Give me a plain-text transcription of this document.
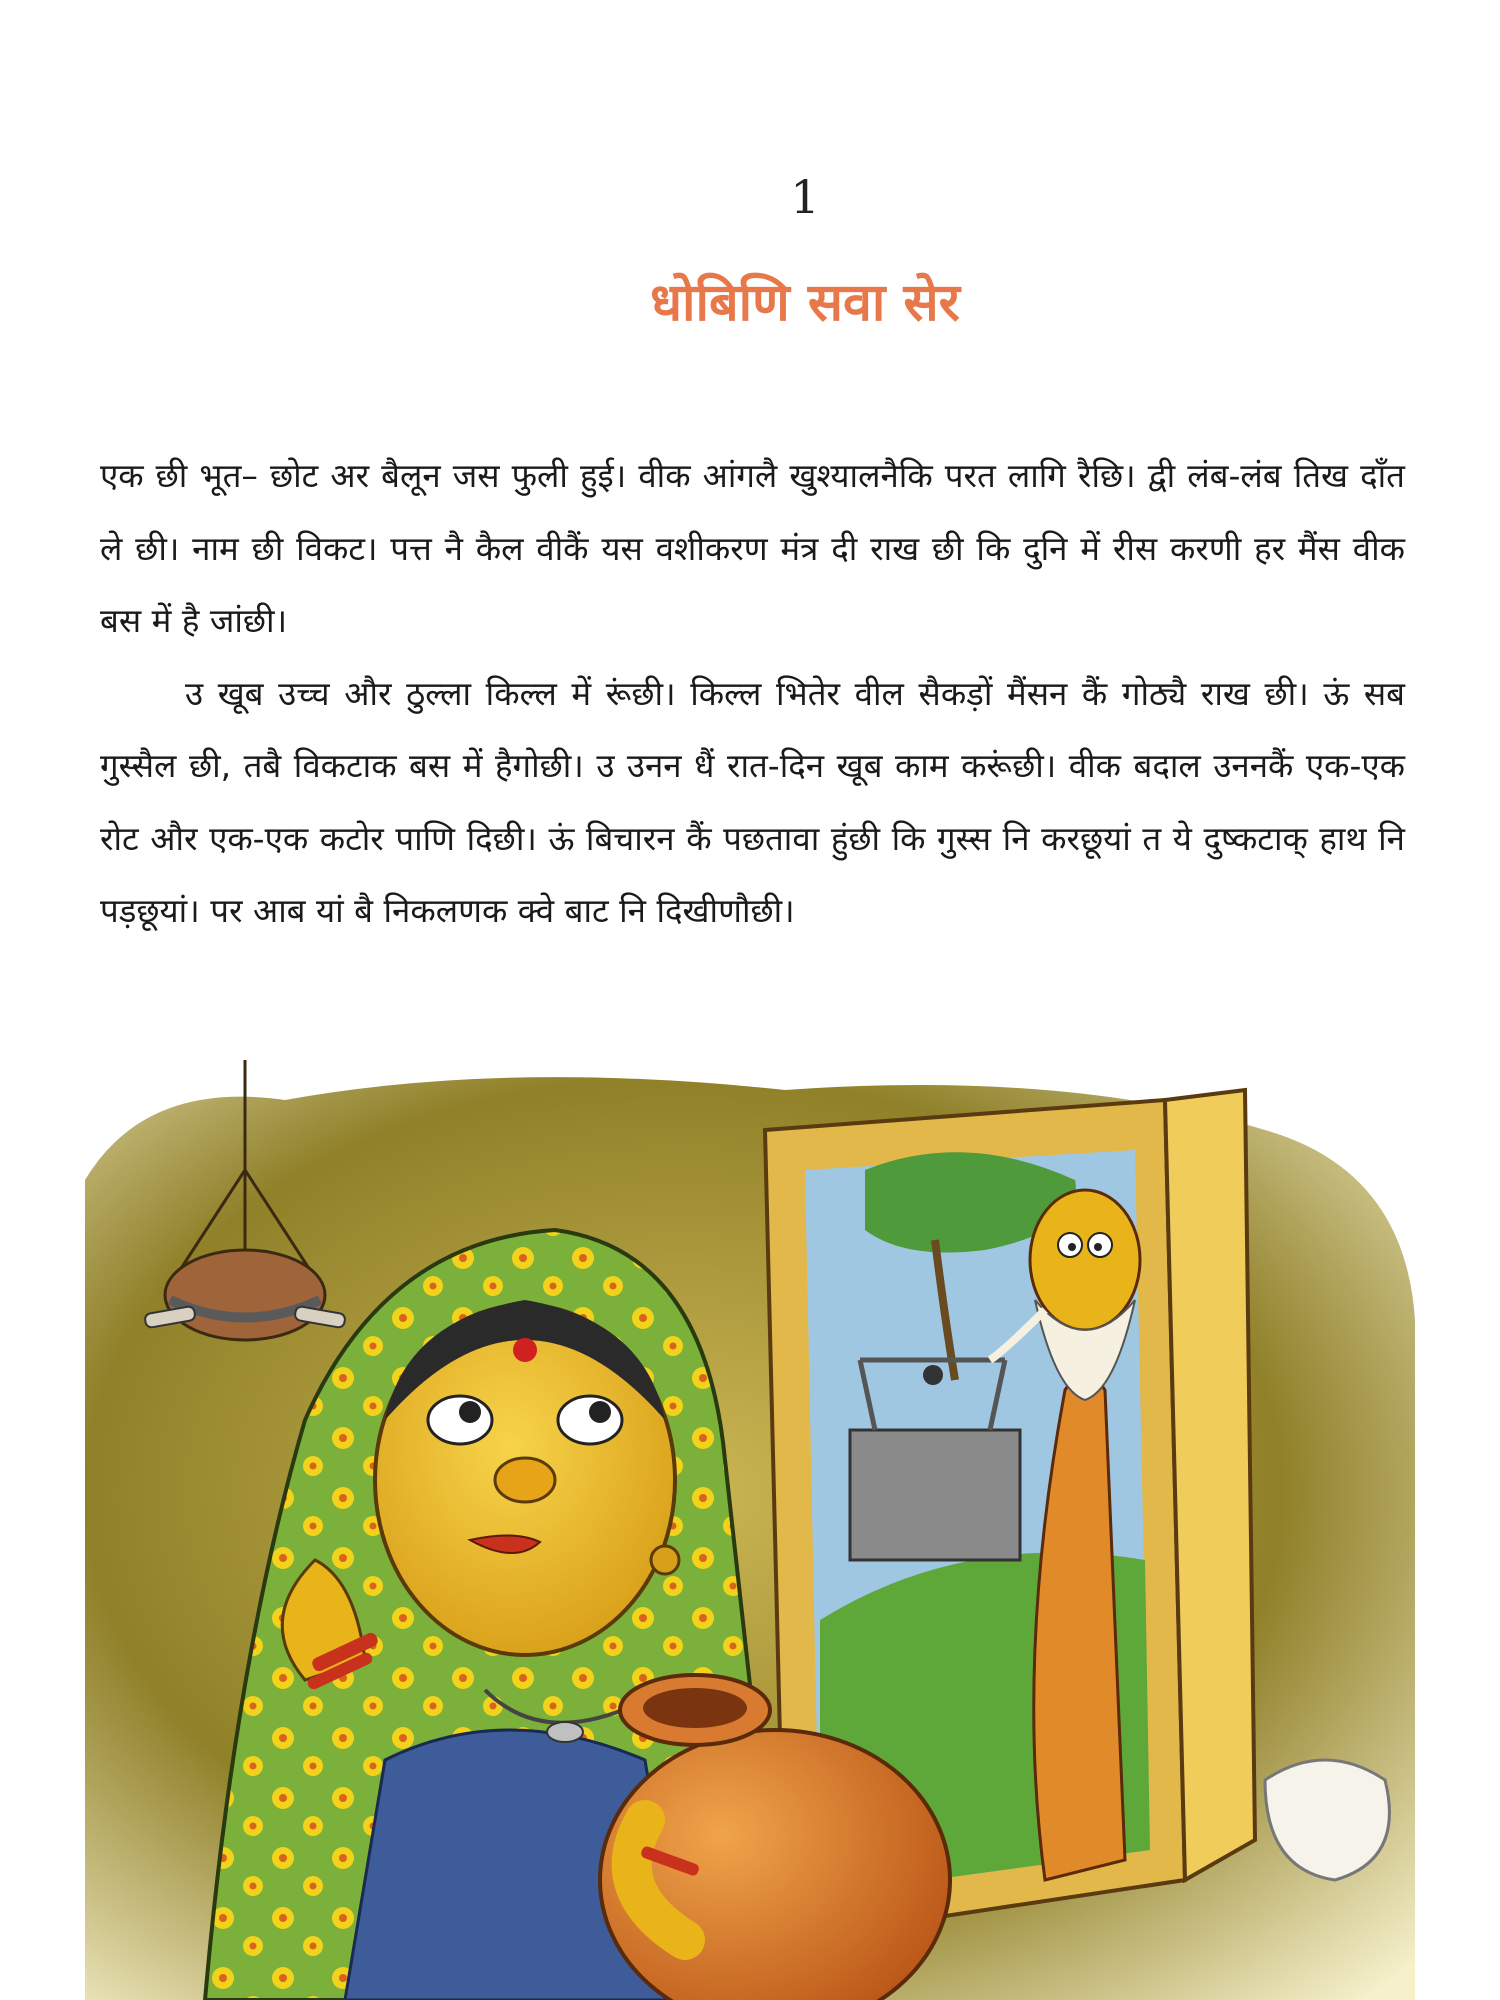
1
धोबिणि सवा सेर

एक छी भूत– छोट अर बैलून जस फुली हुई। वीक आंगलै खुश्यालनैकि परत लागि रैछि। द्वी लंब-लंब तिख दाँत ले छी। नाम छी विकट। पत्त नै कैल वीकैं यस वशीकरण मंत्र दी राख छी कि दुनि में रीस करणी हर मैंस वीक बस में है जांछी।

उ खूब उच्च और ठुल्ला किल्ल में रूंछी। किल्ल भितेर वील सैकड़ों मैंसन कैं गोठ्यै राख छी। ऊं सब गुस्सैल छी, तबै विकटाक बस में हैगोछी। उ उनन धैं रात-दिन खूब काम करूंछी। वीक बदाल उननकैं एक-एक रोट और एक-एक कटोर पाणि दिछी। ऊं बिचारन कैं पछतावा हुंछी कि गुस्स नि करछूयां त ये दुष्कटाक् हाथ नि पड़छूयां। पर आब यां बै निकलणक क्वे बाट नि दिखीणौछी।
